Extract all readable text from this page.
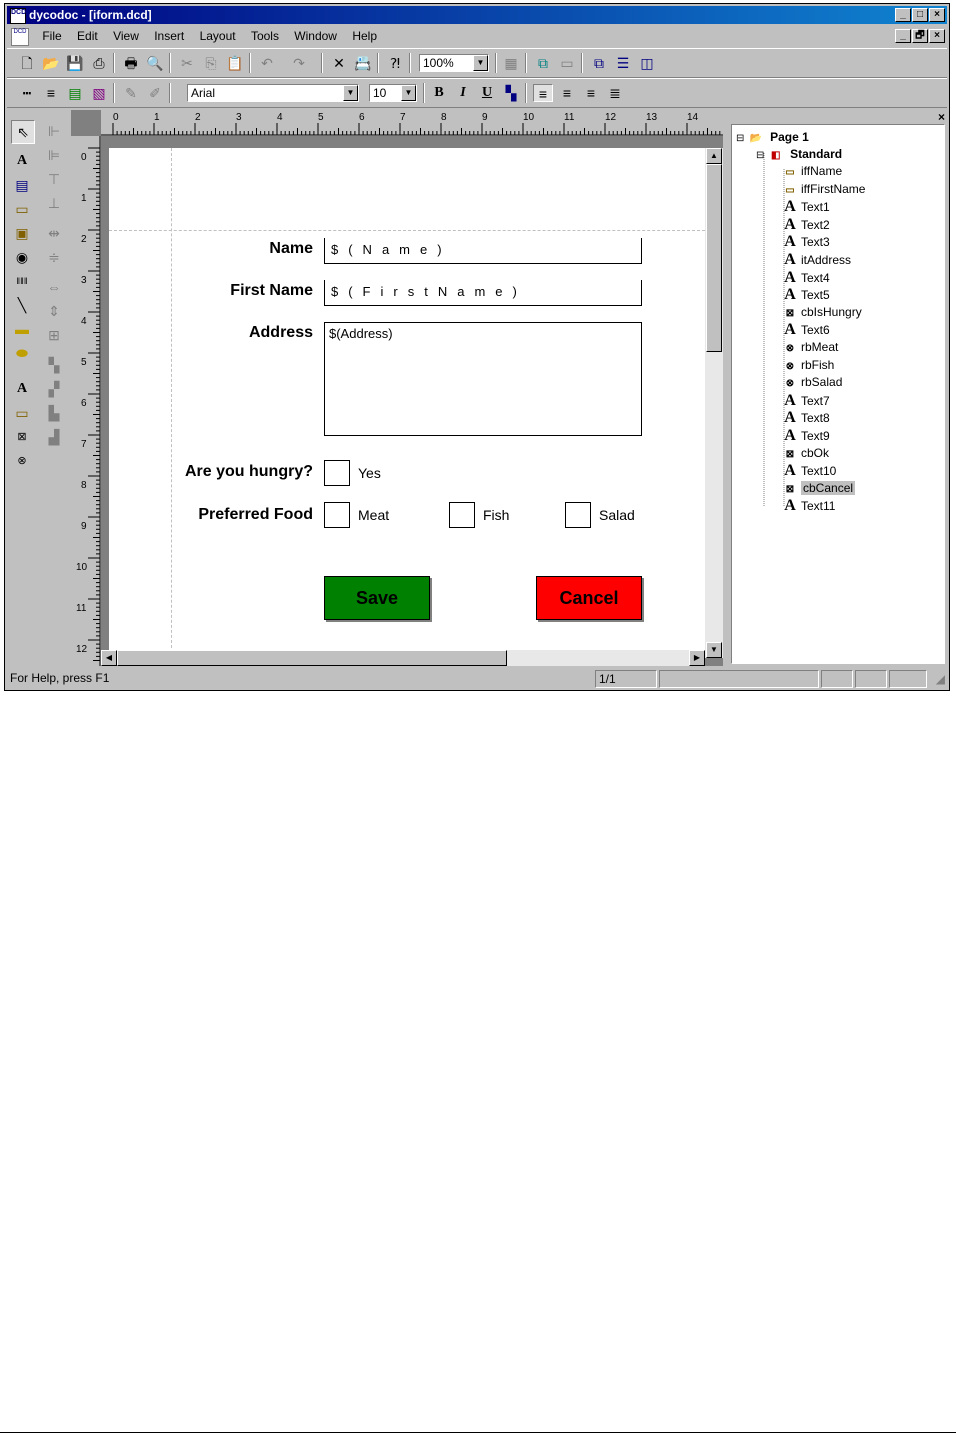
DCD dycodoc - [iform.dcd]	_	□	×
DCD File Edit View Insert Layout Tools Window Help	_ 🗗 ×
🗋 📂 💾 ⎙	🖶 🔍 ✂ ⎘ 📋 ↶ ↷ ✕ 📇	⁈	100%	▼ ▦	⧉ ▭	⧉ ☰ ◫
┅	≡ ▤ ▧ ✎ ✐	Arial	▼	10	▼	B	I	U ▚	≡	≡	≡	≣
⇖
A
▤
▭
▣
◉
‖‖‖
╲
▬
⬬
A
▭
⊠
⊗
⊩
⊫
⊤
⊥
⇹
≑
⇔
⇕
⊞
▚
▞
▙
▟
0	1	2	3	4	5	6	7	8	9	10	11	12	13	14
0
1
2
3
4
5
6
7
8
9
10
11
12
Name	$(Name)
First Name	$(FirstName)
Address	$(Address)
Are you hungry?	Yes
Preferred Food	Meat	Fish	Salad
Save	Cancel
▲
▼
◀	▶
×
⊟ 📂 Page 1
⊟ ◧ Standard
▭ iffName
▭ iffFirstName
A Text1
A Text2
A Text3
A itAddress
A Text4
A Text5
⊠ cbIsHungry
A Text6
⊗ rbMeat
⊗ rbFish
⊗ rbSalad
A Text7
A Text8
A Text9
⊠ cbOk
A Text10
⊠ cbCancel
A Text11
For Help, press F1	1/1	◢
